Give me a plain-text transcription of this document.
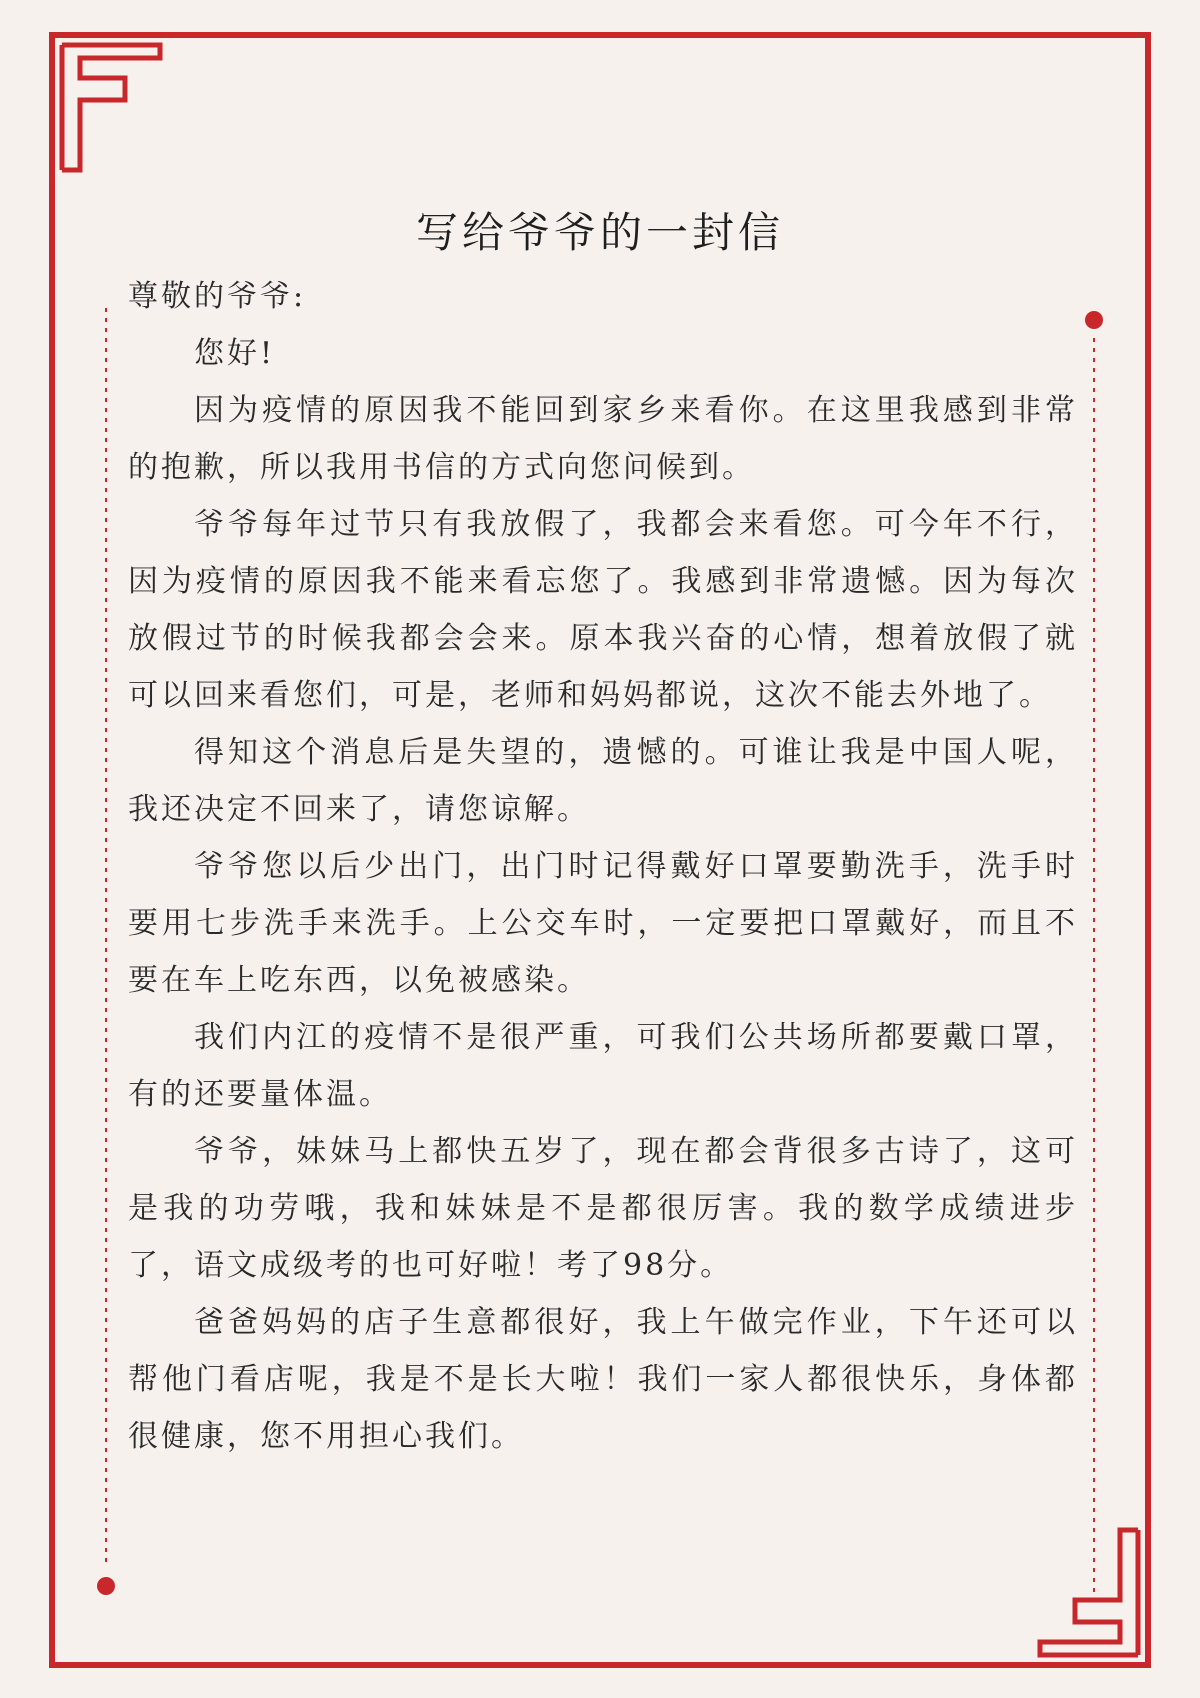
写给爷爷的一封信

尊敬的爷爷:

您好!

因为疫情的原因我不能回到家乡来看你。在这里我感到非常的抱歉，所以我用书信的方式向您问候到。

爷爷每年过节只有我放假了，我都会来看您。可今年不行，因为疫情的原因我不能来看忘您了。我感到非常遗憾。因为每次放假过节的时候我都会会来。原本我兴奋的心情，想着放假了就可以回来看您们，可是，老师和妈妈都说，这次不能去外地了。

得知这个消息后是失望的，遗憾的。可谁让我是中国人呢，我还决定不回来了，请您谅解。

爷爷您以后少出门，出门时记得戴好口罩要勤洗手，洗手时要用七步洗手来洗手。上公交车时，一定要把口罩戴好，而且不要在车上吃东西，以免被感染。

我们内江的疫情不是很严重，可我们公共场所都要戴口罩，有的还要量体温。

爷爷，妹妹马上都快五岁了，现在都会背很多古诗了，这可是我的功劳哦，我和妹妹是不是都很厉害。我的数学成绩进步了，语文成级考的也可好啦！考了98分。

爸爸妈妈的店子生意都很好，我上午做完作业，下午还可以帮他门看店呢，我是不是长大啦！我们一家人都很快乐，身体都很健康，您不用担心我们。
